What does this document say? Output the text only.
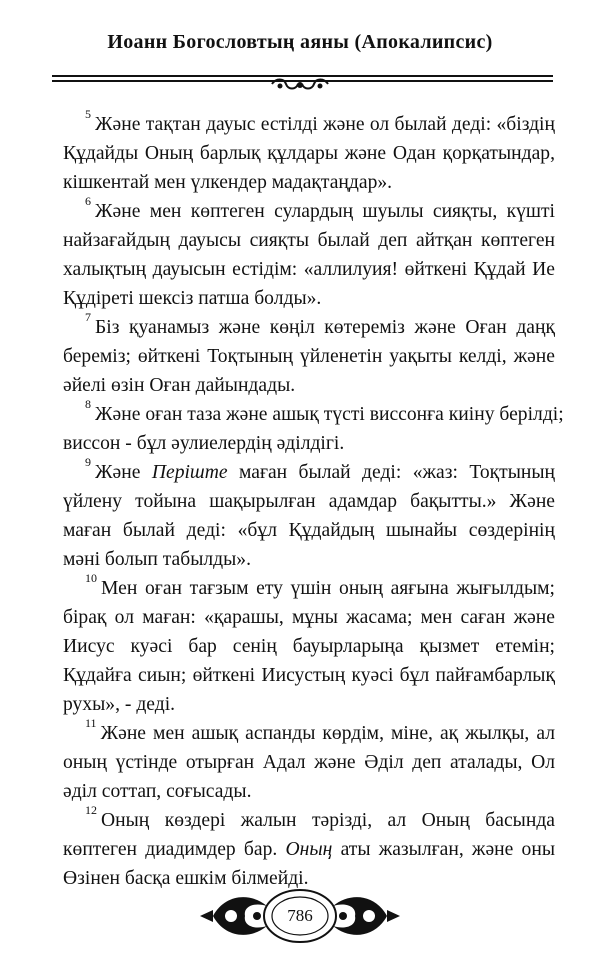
Иоанн Богословтың аяны (Апокалипсис)
$^5$ Және тақтан дауыс естілді және ол былай деді: «біздің
Құдайды Оның барлық құлдары және Одан қорқатындар,
кішкентай мен үлкендер мадақтаңдар».
$^6$ Және мен көптеген сулардың шуылы сияқты, күшті
найзағайдың дауысы сияқты былай деп айтқан көптеген
халықтың дауысын естідім: «аллилуия! өйткені Құдай Ие
Құдіреті шексіз патша болды».
$^7$ Біз қуанамыз және көңіл көтереміз және Оған даңқ
береміз; өйткені Тоқтының үйленетін уақыты келді, және
әйелі өзін Оған дайындады.
$^8$ Және оған таза және ашық түсті виссонға киіну берілді;
виссон - бұл әулиелердің әділдігі.
$^9$ Және Періште маған былай деді: «жаз: Тоқтының
үйлену тойына шақырылған адамдар бақытты.» Және
маған былай деді: «бұл Құдайдың шынайы сөздерінің
мәні болып табылды».
$^{10}$ Мен оған тағзым ету үшін оның аяғына жығылдым;
бірақ ол маған: «қарашы, мұны жасама; мен саған және
Иисус куәсі бар сенің бауырларыңа қызмет етемін;
Құдайға сиын; өйткені Иисустың куәсі бұл пайғамбарлық
рухы», - деді.
$^{11}$ Және мен ашық аспанды көрдім, міне, ақ жылқы, ал
оның үстінде отырған Адал және Әділ деп аталады, Ол
әділ соттап, соғысады.
$^{12}$ Оның көздері жалын тәрізді, ал Оның басында
көптеген диадимдер бар. Оның аты жазылған, және оны
Өзінен басқа ешкім білмейді.
786
